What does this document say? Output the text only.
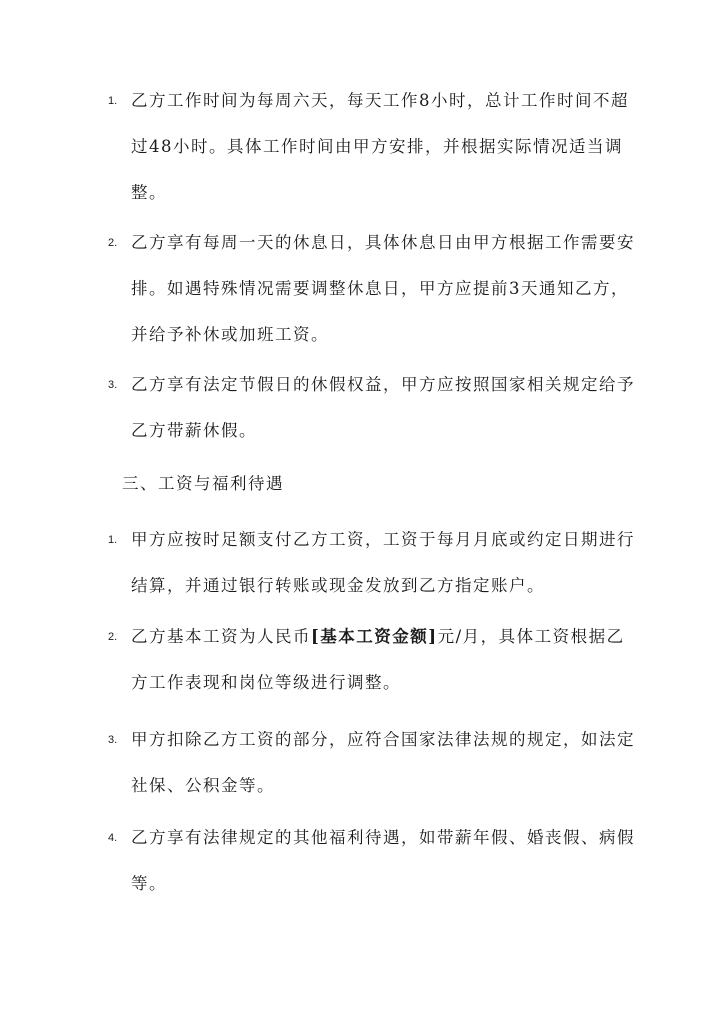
1. 乙方工作时间为每周六天，每天工作8小时，总计工作时间不超过48小时。具体工作时间由甲方安排，并根据实际情况适当调整。
2. 乙方享有每周一天的休息日，具体休息日由甲方根据工作需要安排。如遇特殊情况需要调整休息日，甲方应提前3天通知乙方，并给予补休或加班工资。
3. 乙方享有法定节假日的休假权益，甲方应按照国家相关规定给予乙方带薪休假。
三、工资与福利待遇
1. 甲方应按时足额支付乙方工资，工资于每月月底或约定日期进行结算，并通过银行转账或现金发放到乙方指定账户。
2. 乙方基本工资为人民币[基本工资金额]元/月，具体工资根据乙方工作表现和岗位等级进行调整。
3. 甲方扣除乙方工资的部分，应符合国家法律法规的规定，如法定社保、公积金等。
4. 乙方享有法律规定的其他福利待遇，如带薪年假、婚丧假、病假等。
